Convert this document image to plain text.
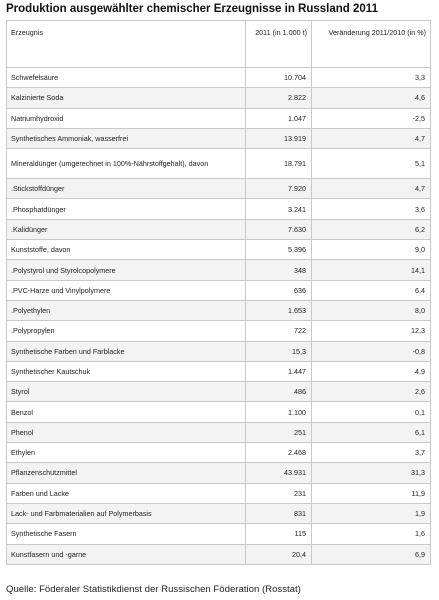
Produktion ausgewählter chemischer Erzeugnisse in Russland 2011
Erzeugnis	2011 (in 1.000 t)	Veränderung 2011/2010 (in %)
Schwefelsäure	10.704	3,3
Kalzinierte Soda	2.822	4,6
Natriumhydroxid	1.047	-2,5
Synthetisches Ammoniak, wasserfrei	13.919	4,7
Mineraldünger (umgerechnet in 100%-Nährstoffgehalt), davon	18.791	5,1
.Stickstoffdünger	7.920	4,7
.Phosphatdünger	3.241	3,6
.Kalidünger	7.630	6,2
Kunststoffe, davon	5.396	9,0
.Polystyrol und Styrolcopolymere	348	14,1
.PVC-Harze und Vinylpolymere	636	6,4
.Polyethylen	1.653	8,0
.Polypropylen	722	12,3
Synthetische Farben und Farblacke	15,3	-0,8
Synthetischer Kautschuk	1.447	4,9
Styrol	486	2,6
Benzol	1.100	0,1
Phenol	251	6,1
Ethylen	2.468	3,7
Pflanzenschutzmittel	43.931	31,3
Farben und Lacke	231	11,9
Lack- und Farbmaterialien auf Polymerbasis	831	1,9
Synthetische Fasern	115	1,6
Kunstfasern und -garne	20,4	6,9
Quelle: Föderaler Statistikdienst der Russischen Föderation (Rosstat)
